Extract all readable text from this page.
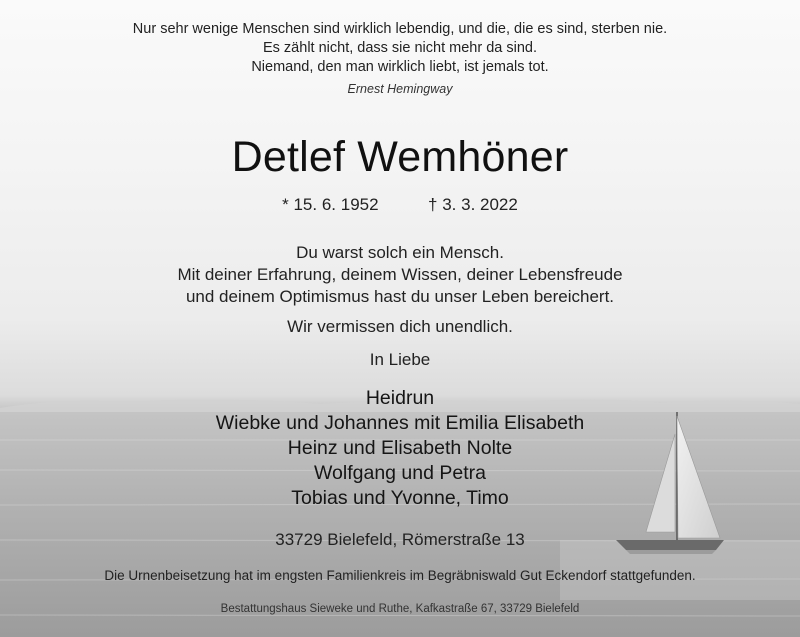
Nur sehr wenige Menschen sind wirklich lebendig, und die, die es sind, sterben nie.
Es zählt nicht, dass sie nicht mehr da sind.
Niemand, den man wirklich liebt, ist jemals tot.
Ernest Hemingway
Detlef Wemhöner
* 15. 6. 1952	† 3. 3. 2022
Du warst solch ein Mensch.
Mit deiner Erfahrung, deinem Wissen, deiner Lebensfreude
und deinem Optimismus hast du unser Leben bereichert.
Wir vermissen dich unendlich.
In Liebe
Heidrun
Wiebke und Johannes mit Emilia Elisabeth
Heinz und Elisabeth Nolte
Wolfgang und Petra
Tobias und Yvonne, Timo
33729 Bielefeld, Römerstraße 13
Die Urnenbeisetzung hat im engsten Familienkreis im Begräbniswald Gut Eckendorf stattgefunden.
Bestattungshaus Sieweke und Ruthe, Kafkastraße 67, 33729 Bielefeld
